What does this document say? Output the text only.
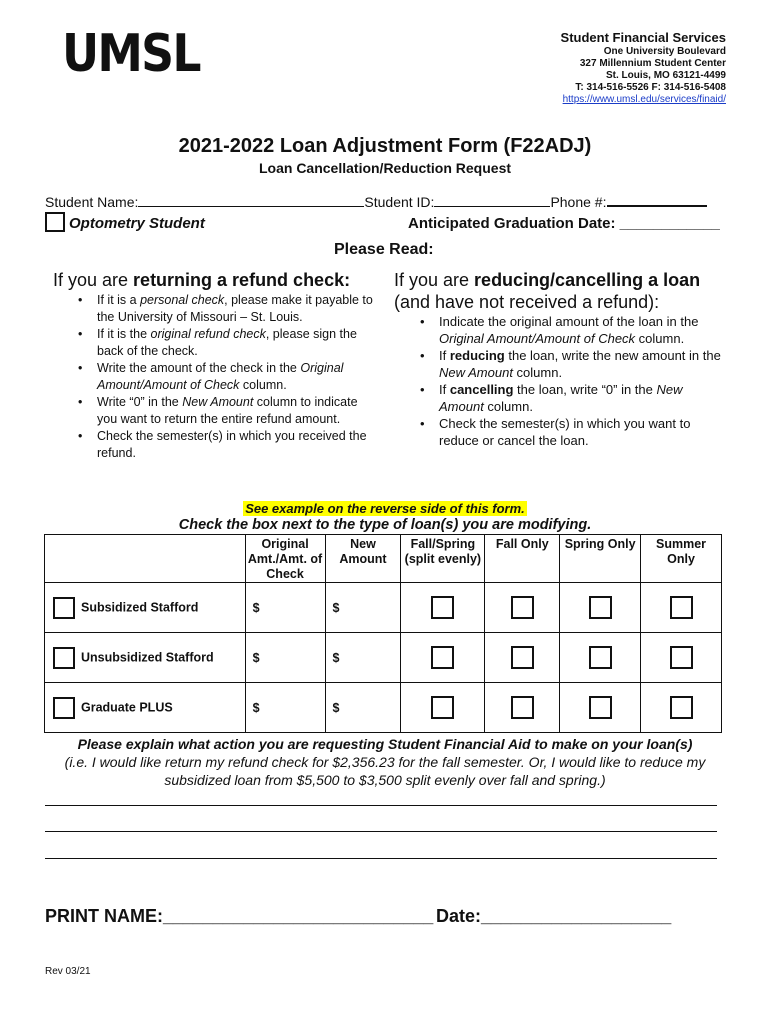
UMSL	Student Financial Services
One University Boulevard
327 Millennium Student Center
St. Louis, MO 63121-4499
T: 314-516-5526 F: 314-516-5408
https://www.umsl.edu/services/finaid/
2021-2022 Loan Adjustment Form (F22ADJ)
Loan Cancellation/Reduction Request
Student Name:	Student ID:	Phone #:
Optometry Student	Anticipated Graduation Date: ____________
Please Read:
If you are returning a refund check:
• If it is a personal check, please make it payable to the University of Missouri – St. Louis.
• If it is the original refund check, please sign the back of the check.
• Write the amount of the check in the Original Amount/Amount of Check column.
• Write “0” in the New Amount column to indicate you want to return the entire refund amount.
• Check the semester(s) in which you received the refund.
If you are reducing/cancelling a loan
(and have not received a refund):
• Indicate the original amount of the loan in the Original Amount/Amount of Check column.
• If reducing the loan, write the new amount in the New Amount column.
• If cancelling the loan, write “0” in the New Amount column.
• Check the semester(s) in which you want to reduce or cancel the loan.
See example on the reverse side of this form.
Check the box next to the type of loan(s) you are modifying.
	Original Amt./Amt. of Check	New Amount	Fall/Spring (split evenly)	Fall Only	Spring Only	Summer Only
Subsidized Stafford	$	$	

Unsubsidized Stafford	$	$	

Graduate PLUS	$	$	

Please explain what action you are requesting Student Financial Aid to make on your loan(s)
(i.e. I would like return my refund check for $2,356.23 for the fall semester. Or, I would like to reduce my subsidized loan from $5,500 to $3,500 split evenly over fall and spring.)
PRINT NAME:___________________________ Date:___________________
Rev 03/21
